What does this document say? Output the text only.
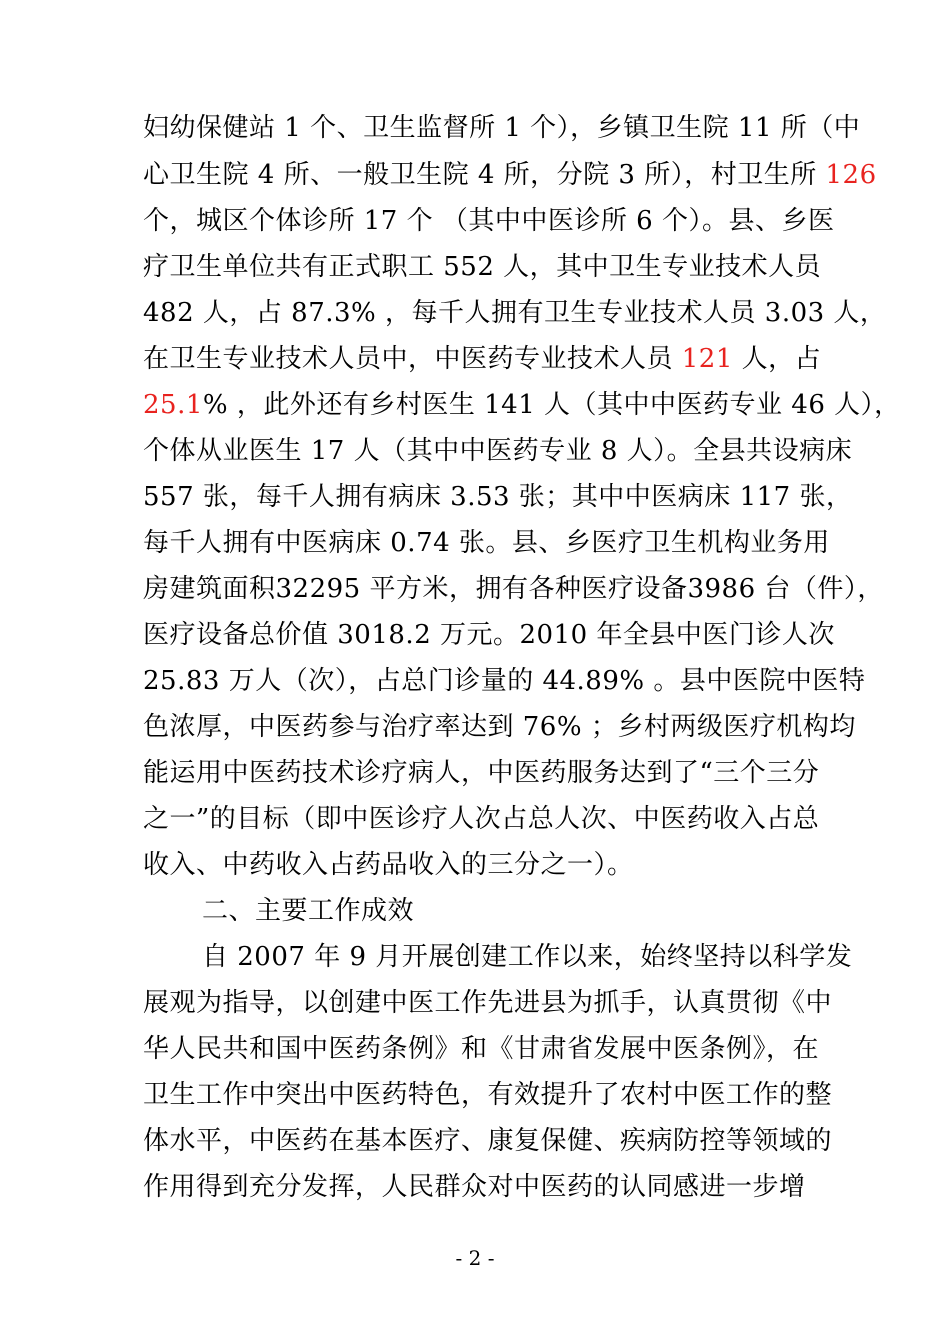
妇幼保健站 1 个、卫生监督所 1 个），乡镇卫生院 11 所（中
心卫生院 4 所、一般卫生院 4 所，分院 3 所），村卫生所 126
个，城区个体诊所 17 个 （其中中医诊所 6 个）。县、乡医
疗卫生单位共有正式职工 552 人，其中卫生专业技术人员
482 人，占 87.3% ，每千人拥有卫生专业技术人员 3.03 人，
在卫生专业技术人员中，中医药专业技术人员 121 人，占
25.1% ，此外还有乡村医生 141 人（其中中医药专业 46 人），
个体从业医生 17 人（其中中医药专业 8 人）。全县共设病床
557 张，每千人拥有病床 3.53 张；其中中医病床 117 张，
每千人拥有中医病床 0.74 张。县、乡医疗卫生机构业务用
房建筑面积32295 平方米，拥有各种医疗设备3986 台（件），
医疗设备总价值 3018.2 万元。2010 年全县中医门诊人次
25.83 万人（次），占总门诊量的 44.89% 。县中医院中医特
色浓厚，中医药参与治疗率达到 76% ；乡村两级医疗机构均
能运用中医药技术诊疗病人，中医药服务达到了“三个三分
之一”的目标（即中医诊疗人次占总人次、中医药收入占总
收入、中药收入占药品收入的三分之一）。
二、主要工作成效
自 2007 年 9 月开展创建工作以来，始终坚持以科学发
展观为指导，以创建中医工作先进县为抓手，认真贯彻《中
华人民共和国中医药条例》和《甘肃省发展中医条例》，在
卫生工作中突出中医药特色，有效提升了农村中医工作的整
体水平，中医药在基本医疗、康复保健、疾病防控等领域的
作用得到充分发挥，人民群众对中医药的认同感进一步增
- 2 -
